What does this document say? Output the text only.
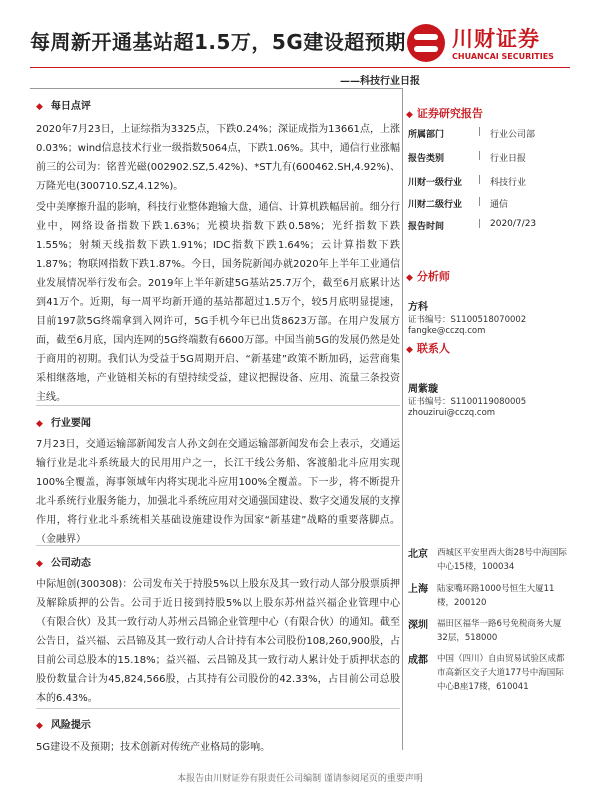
每周新开通基站超1.5万，5G建设超预期 川财证券
CHUANCAI SECURITIES
——科技行业日报
◆ 每日点评

2020年7月23日，上证综指为3325点，下跌0.24%；深证成指为13661点，上涨0.03%；wind信息技术行业一级指数5064点，下跌1.06%。其中，通信行业涨幅前三的公司为：铭普光磁(002902.SZ,5.42%)、*ST九有(600462.SH,4.92%)、万隆光电(300710.SZ,4.12%)。

受中美摩擦升温的影响，科技行业整体跑输大盘，通信、计算机跌幅居前。细分行业中，网络设备指数下跌1.63%；光模块指数下跌0.58%；光纤指数下跌1.55%；射频天线指数下跌1.91%；IDC指数下跌1.64%；云计算指数下跌1.87%；物联网指数下跌1.87%。今日，国务院新闻办就2020年上半年工业通信业发展情况举行发布会。2019年上半年新建5G基站25.7万个，截至6月底累计达到41万个。近期，每一周平均新开通的基站都超过1.5万个，较5月底明显提速，目前197款5G终端拿到入网许可，5G手机今年已出货8623万部。在用户发展方面，截至6月底，国内连网的5G终端数有6600万部。中国当前5G的发展仍然是处于商用的初期。我们认为受益于5G周期开启、“新基建”政策不断加码，运营商集采相继落地，产业链相关标的有望持续受益，建议把握设备、应用、流量三条投资主线。

◆ 行业要闻

7月23日，交通运输部新闻发言人孙文剑在交通运输部新闻发布会上表示，交通运输行业是北斗系统最大的民用用户之一，长江干线公务船、客渡船北斗应用实现100%全覆盖，海事领域年内将实现北斗应用100%全覆盖。下一步，将不断提升北斗系统行业服务能力，加强北斗系统应用对交通强国建设、数字交通发展的支撑作用，将行业北斗系统相关基础设施建设作为国家“新基建”战略的重要落脚点。（金融界）

◆ 公司动态

中际旭创(300308)：公司发布关于持股5%以上股东及其一致行动人部分股票质押及解除质押的公告。公司于近日接到持股5%以上股东苏州益兴福企业管理中心（有限合伙）及其一致行动人苏州云昌锦企业管理中心（有限合伙）的通知。截至公告日，益兴福、云昌锦及其一致行动人合计持有本公司股份108,260,900股，占目前公司总股本的15.18%；益兴福、云昌锦及其一致行动人累计处于质押状态的股份数量合计为45,824,566股，占其持有公司股份的42.33%，占目前公司总股本的6.43%。

◆ 风险提示

5G建设不及预期；技术创新对传统产业格局的影响。

◆ 证券研究报告
所属部门	| 行业公司部
报告类别	| 行业日报
川财一级行业 | 科技行业
川财二级行业 | 通信
报告时间	| 2020/7/23
◆ 分析师
方科
证书编号：S1100518070002
fangke@cczq.com
◆ 联系人
周紫璇
证书编号：S1100119080005
zhouzirui@cczq.com
北京 西城区平安里西大街28号中海国际中心15楼，100034
上海 陆家嘴环路1000号恒生大厦11楼，200120
深圳 福田区福华一路6号免税商务大厦32层，518000
成都 中国（四川）自由贸易试验区成都市高新区交子大道177号中海国际中心B座17楼，610041
本报告由川财证券有限责任公司编制 谨请参阅尾页的重要声明
